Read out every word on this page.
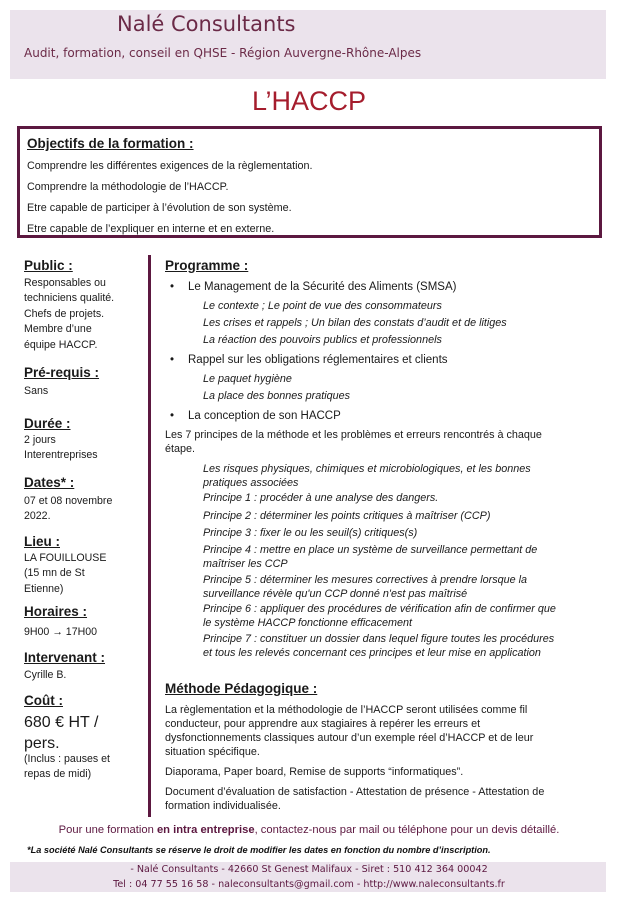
Nalé Consultants
Audit, formation, conseil en QHSE - Région Auvergne-Rhône-Alpes
L’HACCP
Objectifs de la formation :
Comprendre les différentes exigences de la règlementation.
Comprendre la méthodologie de l’HACCP.
Etre capable de participer à l’évolution de son système.
Etre capable de l’expliquer en interne et en externe.
Public :
Responsables ou
techniciens qualité.
Chefs de projets.
Membre d’une
équipe HACCP.
Pré-requis :
Sans
Durée :
2 jours
Interentreprises
Dates* :
07 et 08 novembre
2022.
Lieu :
LA FOUILLOUSE
(15 mn de St
Etienne)
Horaires :
9H00 → 17H00
Intervenant :
Cyrille B.
Coût :
680 € HT /
pers.
(Inclus : pauses et
repas de midi)
Programme :
• Le Management de la Sécurité des Aliments (SMSA)
Le contexte ; Le point de vue des consommateurs
Les crises et rappels ; Un bilan des constats d’audit et de litiges
La réaction des pouvoirs publics et professionnels
• Rappel sur les obligations réglementaires et clients
Le paquet hygiène
La place des bonnes pratiques
• La conception de son HACCP
Les 7 principes de la méthode et les problèmes et erreurs rencontrés à chaque
étape.
Les risques physiques, chimiques et microbiologiques, et les bonnes
pratiques associées
Principe 1 : procéder à une analyse des dangers.
Principe 2 : déterminer les points critiques à maîtriser (CCP)
Principe 3 : fixer le ou les seuil(s) critiques(s)
Principe 4 : mettre en place un système de surveillance permettant de
maîtriser les CCP
Principe 5 : déterminer les mesures correctives à prendre lorsque la
surveillance révèle qu'un CCP donné n'est pas maîtrisé
Principe 6 : appliquer des procédures de vérification afin de confirmer que
le système HACCP fonctionne efficacement
Principe 7 : constituer un dossier dans lequel figure toutes les procédures
et tous les relevés concernant ces principes et leur mise en application
Méthode Pédagogique :
La règlementation et la méthodologie de l’HACCP seront utilisées comme fil
conducteur, pour apprendre aux stagiaires à repérer les erreurs et
dysfonctionnements classiques autour d’un exemple réel d’HACCP et de leur
situation spécifique.
Diaporama, Paper board, Remise de supports “informatiques”.
Document d’évaluation de satisfaction - Attestation de présence - Attestation de
formation individualisée.
Pour une formation en intra entreprise, contactez-nous par mail ou téléphone pour un devis détaillé.
*La société Nalé Consultants se réserve le droit de modifier les dates en fonction du nombre d’inscription.
- Nalé Consultants - 42660 St Genest Malifaux - Siret : 510 412 364 00042
Tel : 04 77 55 16 58 - naleconsultants@gmail.com - http://www.naleconsultants.fr
